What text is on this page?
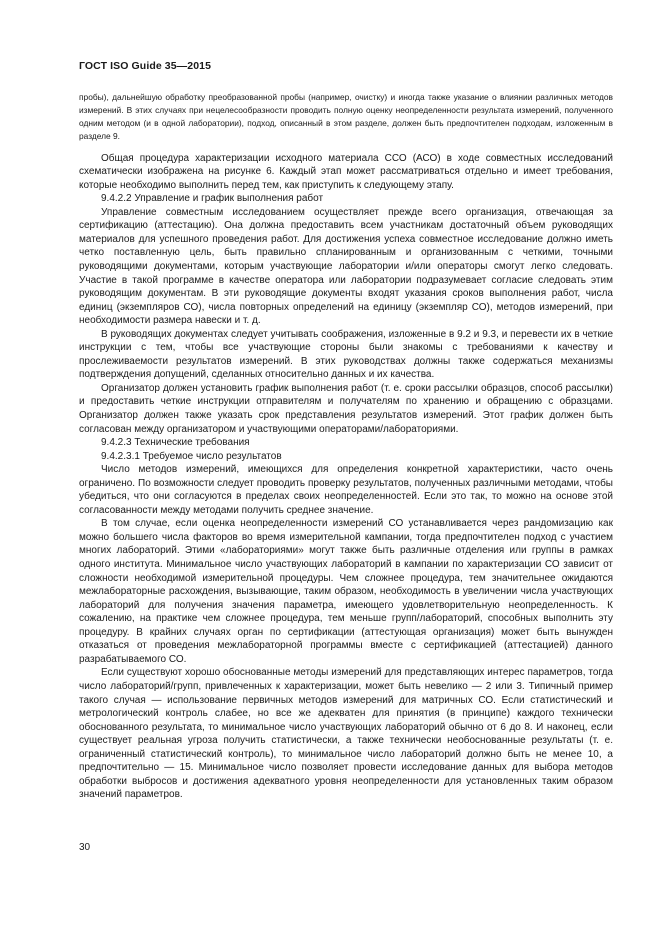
ГОСТ ISO Guide 35—2015

пробы), дальнейшую обработку преобразованной пробы (например, очистку) и иногда также указание о влиянии различных методов измерений. В этих случаях при нецелесообразности проводить полную оценку неопределенности результата измерений, полученного одним методом (и в одной лаборатории), подход, описанный в этом разделе, должен быть предпочтителен подходам, изложенным в разделе 9.

Общая процедура характеризации исходного материала ССО (АСО) в ходе совместных исследований схематически изображена на рисунке 6. Каждый этап может рассматриваться отдельно и имеет требования, которые необходимо выполнить перед тем, как приступить к следующему этапу.

9.4.2.2 Управление и график выполнения работ

Управление совместным исследованием осуществляет прежде всего организация, отвечающая за сертификацию (аттестацию). Она должна предоставить всем участникам достаточный объем руководящих материалов для успешного проведения работ. Для достижения успеха совместное исследование должно иметь четко поставленную цель, быть правильно спланированным и организованным с четкими, точными руководящими документами, которым участвующие лаборатории и/или операторы смогут легко следовать. Участие в такой программе в качестве оператора или лаборатории подразумевает согласие следовать этим руководящим документам. В эти руководящие документы входят указания сроков выполнения работ, числа единиц (экземпляров СО), числа повторных определений на единицу (экземпляр СО), методов измерений, при необходимости размера навески и т. д.

В руководящих документах следует учитывать соображения, изложенные в 9.2 и 9.3, и перевести их в четкие инструкции с тем, чтобы все участвующие стороны были знакомы с требованиями к качеству и прослеживаемости результатов измерений. В этих руководствах должны также содержаться механизмы подтверждения допущений, сделанных относительно данных и их качества.

Организатор должен установить график выполнения работ (т. е. сроки рассылки образцов, способ рассылки) и предоставить четкие инструкции отправителям и получателям по хранению и обращению с образцами. Организатор должен также указать срок представления результатов измерений. Этот график должен быть согласован между организатором и участвующими операторами/лабораториями.

9.4.2.3 Технические требования

9.4.2.3.1 Требуемое число результатов

Число методов измерений, имеющихся для определения конкретной характеристики, часто очень ограничено. По возможности следует проводить проверку результатов, полученных различными методами, чтобы убедиться, что они согласуются в пределах своих неопределенностей. Если это так, то можно на основе этой согласованности между методами получить среднее значение.

В том случае, если оценка неопределенности измерений СО устанавливается через рандомизацию как можно большего числа факторов во время измерительной кампании, тогда предпочтителен подход с участием многих лабораторий. Этими «лабораториями» могут также быть различные отделения или группы в рамках одного института. Минимальное число участвующих лабораторий в кампании по характеризации СО зависит от сложности необходимой измерительной процедуры. Чем сложнее процедура, тем значительнее ожидаются межлабораторные расхождения, вызывающие, таким образом, необходимость в увеличении числа участвующих лабораторий для получения значения параметра, имеющего удовлетворительную неопределенность. К сожалению, на практике чем сложнее процедура, тем меньше групп/лабораторий, способных выполнить эту процедуру. В крайних случаях орган по сертификации (аттестующая организация) может быть вынужден отказаться от проведения межлабораторной программы вместе с сертификацией (аттестацией) данного разрабатываемого СО.

Если существуют хорошо обоснованные методы измерений для представляющих интерес параметров, тогда число лабораторий/групп, привлеченных к характеризации, может быть невелико — 2 или 3. Типичный пример такого случая — использование первичных методов измерений для матричных СО. Если статистический и метрологический контроль слабее, но все же адекватен для принятия (в принципе) каждого технически обоснованного результата, то минимальное число участвующих лабораторий обычно от 6 до 8. И наконец, если существует реальная угроза получить статистически, а также технически необоснованные результаты (т. е. ограниченный статистический контроль), то минимальное число лабораторий должно быть не менее 10, а предпочтительно — 15. Минимальное число позволяет провести исследование данных для выбора методов обработки выбросов и достижения адекватного уровня неопределенности для установленных таким образом значений параметров.

30
